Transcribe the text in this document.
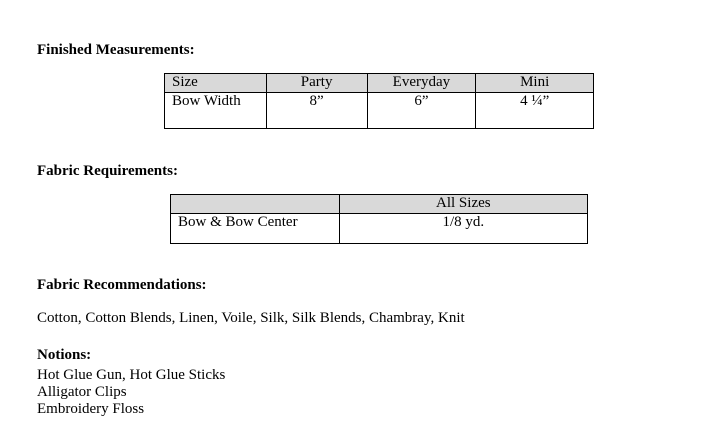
Finished Measurements:

Size	Party	Everyday	Mini
Bow Width	8”	6”	4 ¼”

Fabric Requirements:

	All Sizes
Bow & Bow Center	1/8 yd.

Fabric Recommendations:

Cotton, Cotton Blends, Linen, Voile, Silk, Silk Blends, Chambray, Knit

Notions:

Hot Glue Gun, Hot Glue Sticks
Alligator Clips
Embroidery Floss
